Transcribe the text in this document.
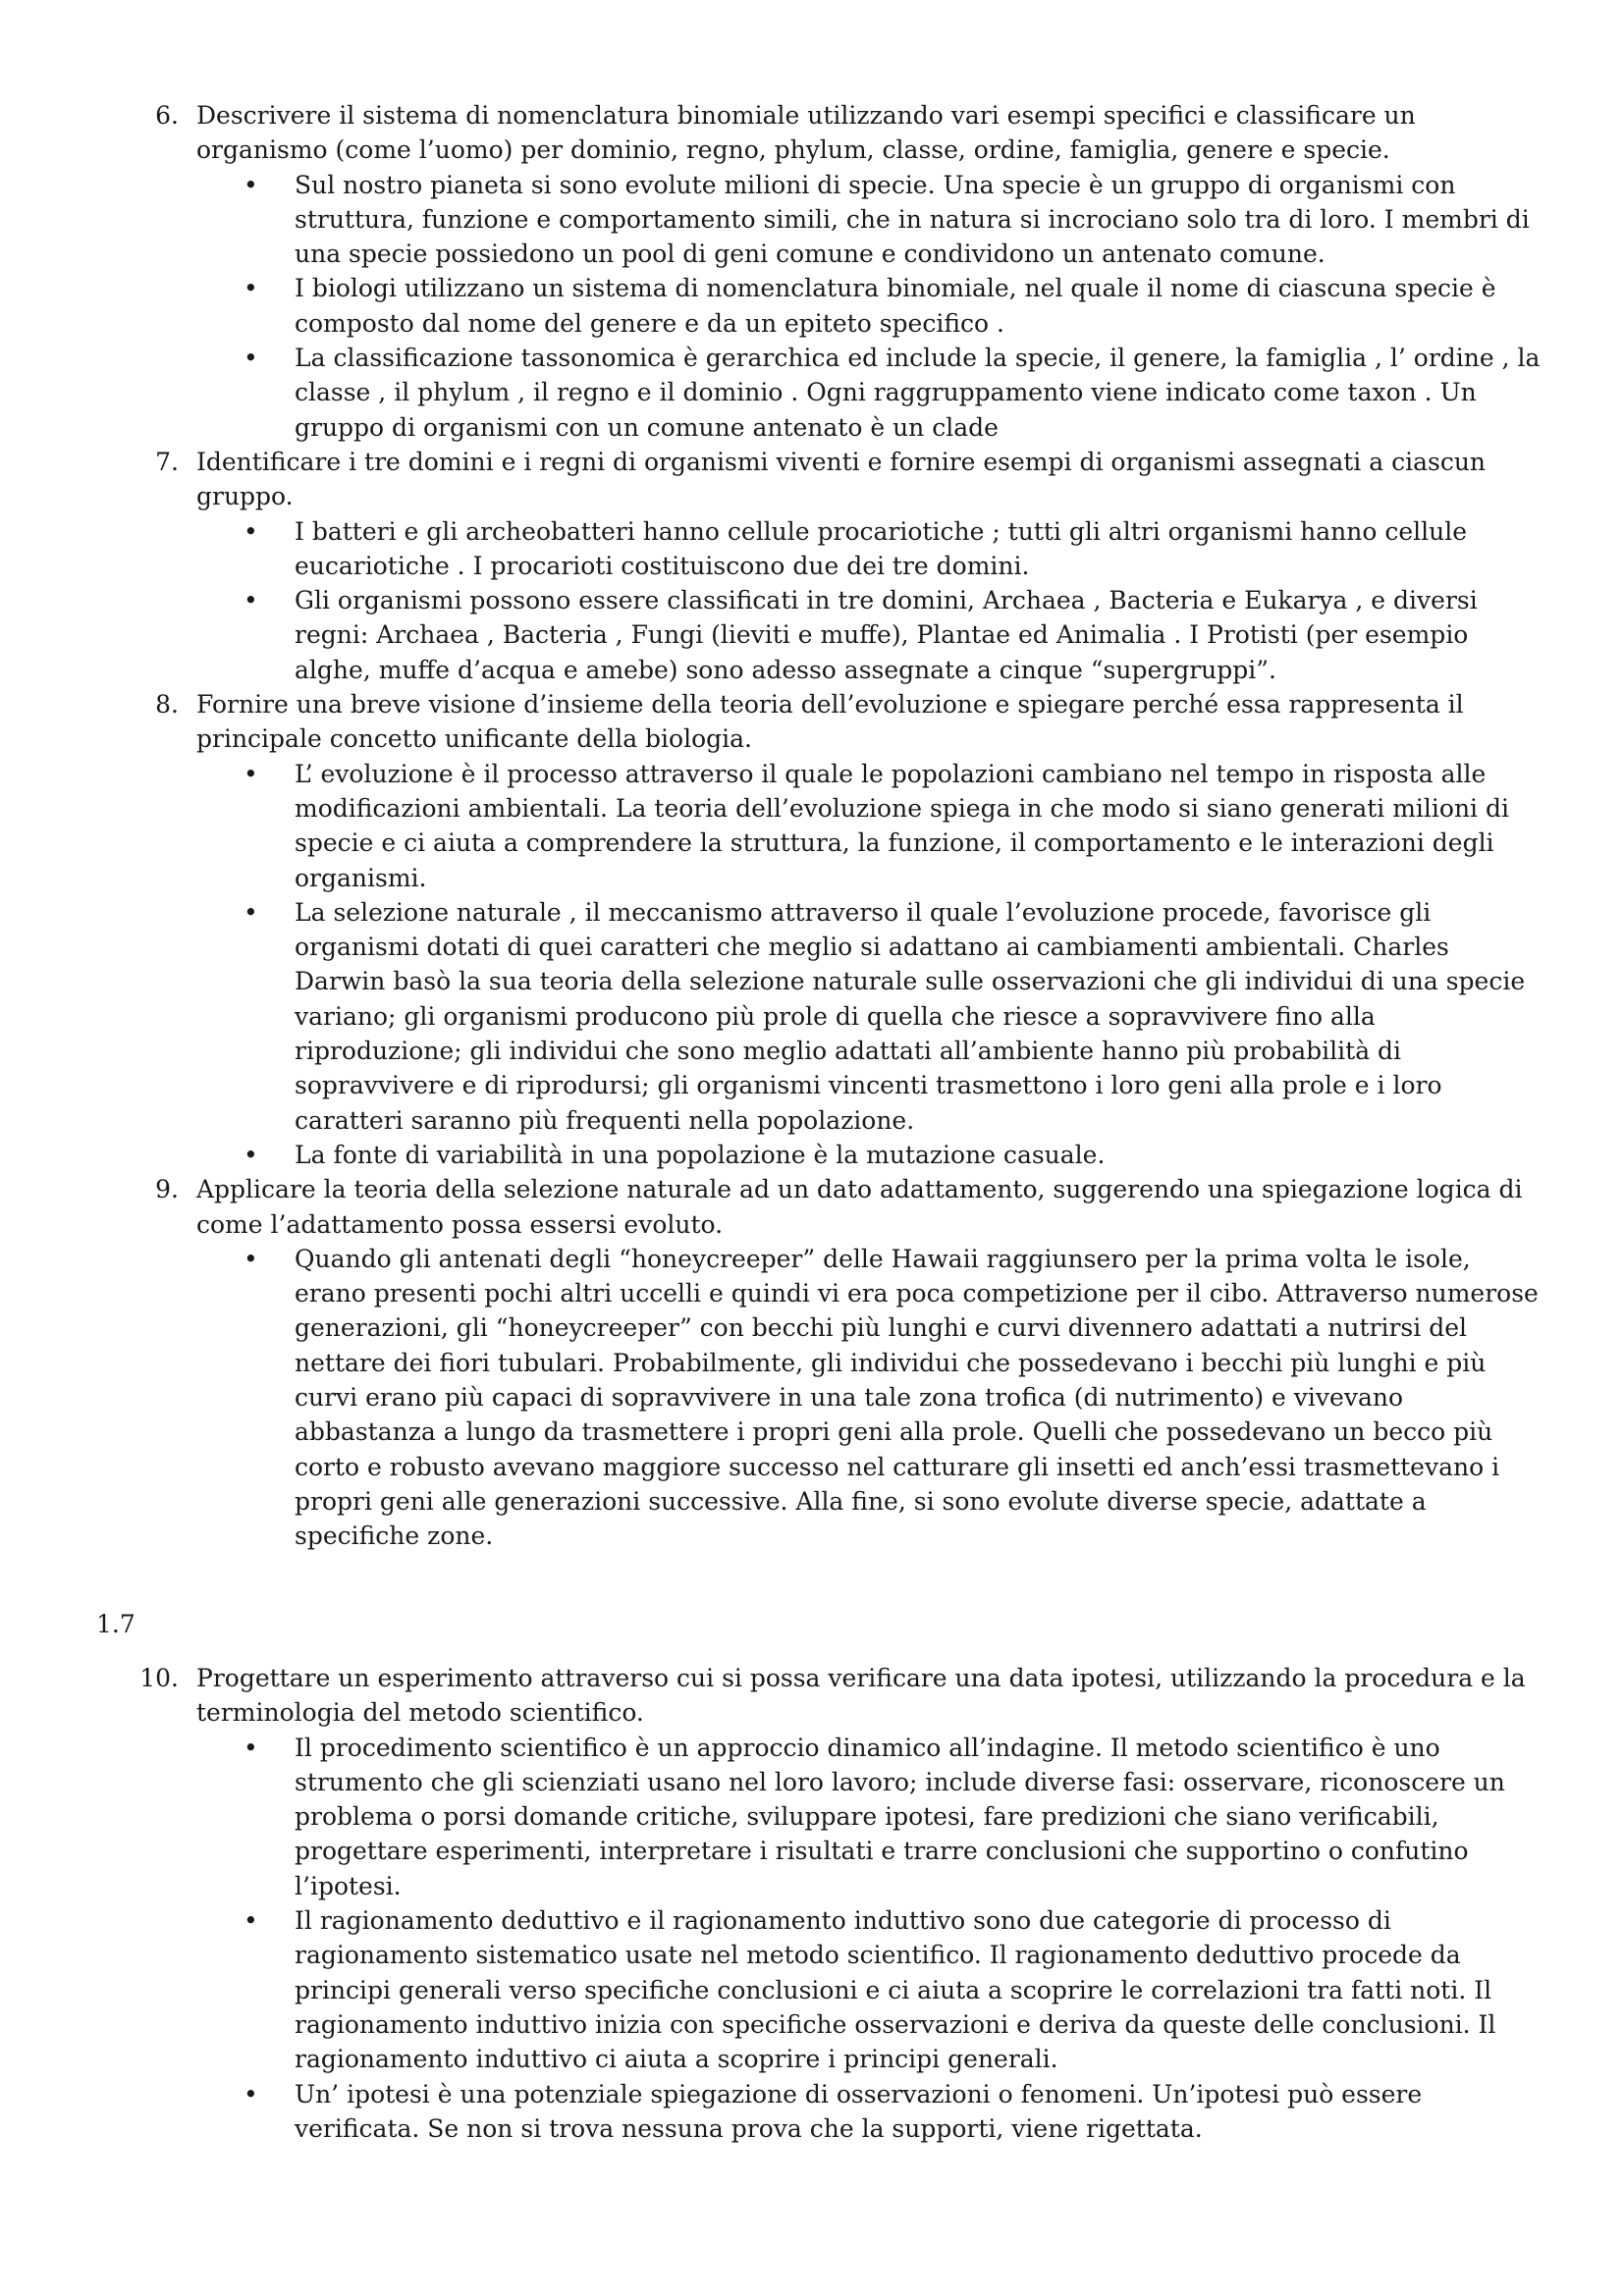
6. Descrivere il sistema di nomenclatura binomiale utilizzando vari esempi specifici e classificare un organismo (come l’uomo) per dominio, regno, phylum, classe, ordine, famiglia, genere e specie.

• Sul nostro pianeta si sono evolute milioni di specie. Una specie è un gruppo di organismi con struttura, funzione e comportamento simili, che in natura si incrociano solo tra di loro. I membri di una specie possiedono un pool di geni comune e condividono un antenato comune.
• I biologi utilizzano un sistema di nomenclatura binomiale, nel quale il nome di ciascuna specie è composto dal nome del genere e da un epiteto specifico .
• La classificazione tassonomica è gerarchica ed include la specie, il genere, la famiglia , l’ ordine , la classe , il phylum , il regno e il dominio . Ogni raggruppamento viene indicato come taxon . Un gruppo di organismi con un comune antenato è un clade

7. Identificare i tre domini e i regni di organismi viventi e fornire esempi di organismi assegnati a ciascun gruppo.

• I batteri e gli archeobatteri hanno cellule procariotiche ; tutti gli altri organismi hanno cellule eucariotiche . I procarioti costituiscono due dei tre domini.
• Gli organismi possono essere classificati in tre domini, Archaea , Bacteria e Eukarya , e diversi regni: Archaea , Bacteria , Fungi (lieviti e muffe), Plantae ed Animalia . I Protisti (per esempio alghe, muffe d’acqua e amebe) sono adesso assegnate a cinque “supergruppi”.

8. Fornire una breve visione d’insieme della teoria dell’evoluzione e spiegare perché essa rappresenta il principale concetto unificante della biologia.

• L’ evoluzione è il processo attraverso il quale le popolazioni cambiano nel tempo in risposta alle modificazioni ambientali. La teoria dell’evoluzione spiega in che modo si siano generati milioni di specie e ci aiuta a comprendere la struttura, la funzione, il comportamento e le interazioni degli organismi.
• La selezione naturale , il meccanismo attraverso il quale l’evoluzione procede, favorisce gli organismi dotati di quei caratteri che meglio si adattano ai cambiamenti ambientali. Charles Darwin basò la sua teoria della selezione naturale sulle osservazioni che gli individui di una specie variano; gli organismi producono più prole di quella che riesce a sopravvivere fino alla riproduzione; gli individui che sono meglio adattati all’ambiente hanno più probabilità di sopravvivere e di riprodursi; gli organismi vincenti trasmettono i loro geni alla prole e i loro caratteri saranno più frequenti nella popolazione.
• La fonte di variabilità in una popolazione è la mutazione casuale.

9. Applicare la teoria della selezione naturale ad un dato adattamento, suggerendo una spiegazione logica di come l’adattamento possa essersi evoluto.

• Quando gli antenati degli “honeycreeper” delle Hawaii raggiunsero per la prima volta le isole, erano presenti pochi altri uccelli e quindi vi era poca competizione per il cibo. Attraverso numerose generazioni, gli “honeycreeper” con becchi più lunghi e curvi divennero adattati a nutrirsi del nettare dei fiori tubulari. Probabilmente, gli individui che possedevano i becchi più lunghi e più curvi erano più capaci di sopravvivere in una tale zona trofica (di nutrimento) e vivevano abbastanza a lungo da trasmettere i propri geni alla prole. Quelli che possedevano un becco più corto e robusto avevano maggiore successo nel catturare gli insetti ed anch’essi trasmettevano i propri geni alle generazioni successive. Alla fine, si sono evolute diverse specie, adattate a specifiche zone.
1.7

10. Progettare un esperimento attraverso cui si possa verificare una data ipotesi, utilizzando la procedura e la terminologia del metodo scientifico.

• Il procedimento scientifico è un approccio dinamico all’indagine. Il metodo scientifico è uno strumento che gli scienziati usano nel loro lavoro; include diverse fasi: osservare, riconoscere un problema o porsi domande critiche, sviluppare ipotesi, fare predizioni che siano verificabili, progettare esperimenti, interpretare i risultati e trarre conclusioni che supportino o confutino l’ipotesi.
• Il ragionamento deduttivo e il ragionamento induttivo sono due categorie di processo di ragionamento sistematico usate nel metodo scientifico. Il ragionamento deduttivo procede da principi generali verso specifiche conclusioni e ci aiuta a scoprire le correlazioni tra fatti noti. Il ragionamento induttivo inizia con specifiche osservazioni e deriva da queste delle conclusioni. Il ragionamento induttivo ci aiuta a scoprire i principi generali.
• Un’ ipotesi è una potenziale spiegazione di osservazioni o fenomeni. Un’ipotesi può essere verificata. Se non si trova nessuna prova che la supporti, viene rigettata.
